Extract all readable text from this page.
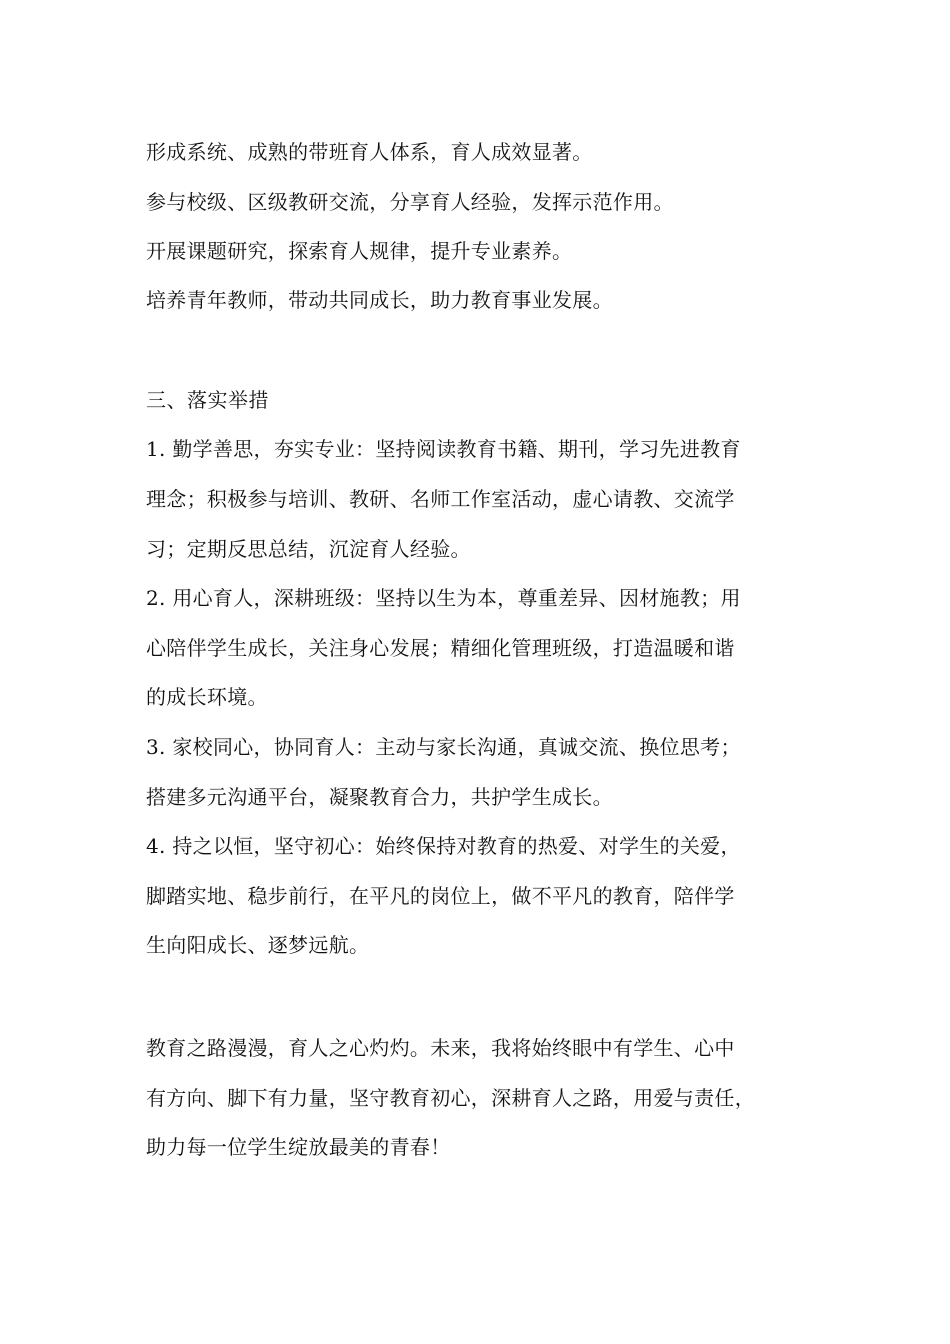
形成系统、成熟的带班育人体系，育人成效显著。
参与校级、区级教研交流，分享育人经验，发挥示范作用。
开展课题研究，探索育人规律，提升专业素养。
培养青年教师，带动共同成长，助力教育事业发展。
三、落实举措
1. 勤学善思，夯实专业：坚持阅读教育书籍、期刊，学习先进教育
理念；积极参与培训、教研、名师工作室活动，虚心请教、交流学
习；定期反思总结，沉淀育人经验。
2. 用心育人，深耕班级：坚持以生为本，尊重差异、因材施教；用
心陪伴学生成长，关注身心发展；精细化管理班级，打造温暖和谐
的成长环境。
3. 家校同心，协同育人：主动与家长沟通，真诚交流、换位思考；
搭建多元沟通平台，凝聚教育合力，共护学生成长。
4. 持之以恒，坚守初心：始终保持对教育的热爱、对学生的关爱，
脚踏实地、稳步前行，在平凡的岗位上，做不平凡的教育，陪伴学
生向阳成长、逐梦远航。
教育之路漫漫，育人之心灼灼。未来，我将始终眼中有学生、心中
有方向、脚下有力量，坚守教育初心，深耕育人之路，用爱与责任，
助力每一位学生绽放最美的青春！
